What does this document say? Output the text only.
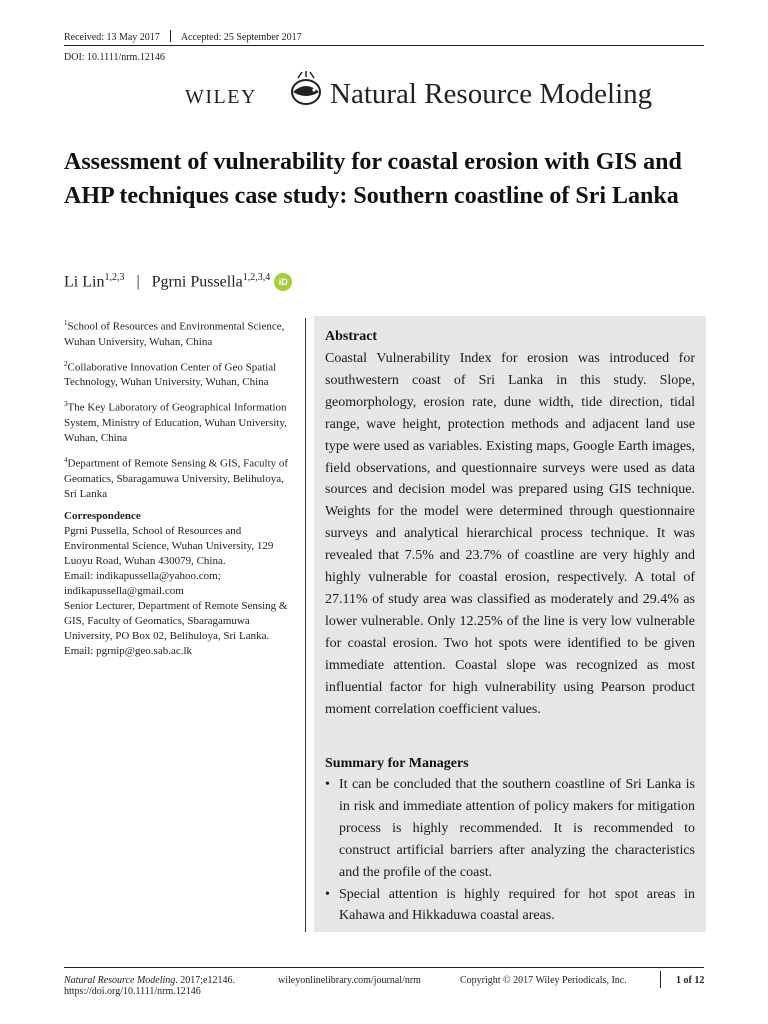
Received: 13 May 2017 Accepted: 25 September 2017
DOI: 10.1111/nrm.12146
WILEY	Natural Resource Modeling
Assessment of vulnerability for coastal erosion with GIS and AHP techniques case study: Southern coastline of Sri Lanka
Li Lin$^{1,2,3}$ | Pgrni Pussella$^{1,2,3,4}$ iD

$^1$School of Resources and Environmental Science, Wuhan University, Wuhan, China

$^2$Collaborative Innovation Center of Geo Spatial Technology, Wuhan University, Wuhan, China

$^3$The Key Laboratory of Geographical Information System, Ministry of Education, Wuhan University, Wuhan, China

$^4$Department of Remote Sensing & GIS, Faculty of Geomatics, Sbaragamuwa University, Belihuloya, Sri Lanka

Correspondence

Pgrni Pussella, School of Resources and Environmental Science, Wuhan University, 129 Luoyu Road, Wuhan 430079, China.

Email: indikapussella@yahoo.com; indikapussella@gmail.com

Senior Lecturer, Department of Remote Sensing & GIS, Faculty of Geomatics, Sbaragamuwa University, PO Box 02, Belihuloya, Sri Lanka.

Email: pgrnip@geo.sab.ac.lk

Abstract
Coastal Vulnerability Index for erosion was introduced for southwestern coast of Sri Lanka in this study. Slope, geomorphology, erosion rate, dune width, tide direction, tidal range, wave height, protection methods and adjacent land use type were used as variables. Existing maps, Google Earth images, field observations, and questionnaire surveys were used as data sources and decision model was prepared using GIS technique. Weights for the model were determined through questionnaire surveys and analytical hierarchical process technique. It was revealed that 7.5% and 23.7% of coastline are very highly and highly vulnerable for coastal erosion, respectively. A total of 27.11% of study area was classified as moderately and 29.4% as lower vulnerable. Only 12.25% of the line is very low vulnerable for coastal erosion. Two hot spots were identified to be given immediate attention. Coastal slope was recognized as most influential factor for high vulnerability using Pearson product moment correlation coefficient values.
Summary for Managers
• It can be concluded that the southern coastline of Sri Lanka is in risk and immediate attention of policy makers for mitigation process is highly recommended. It is recommended to construct artificial barriers after analyzing the characteristics and the profile of the coast.
• Special attention is highly required for hot spot areas in Kahawa and Hikkaduwa coastal areas.
Natural Resource Modeling. 2017;e12146.
https://doi.org/10.1111/nrm.12146
wileyonlinelibrary.com/journal/nrm	Copyright © 2017 Wiley Periodicals, Inc.	1 of 12
